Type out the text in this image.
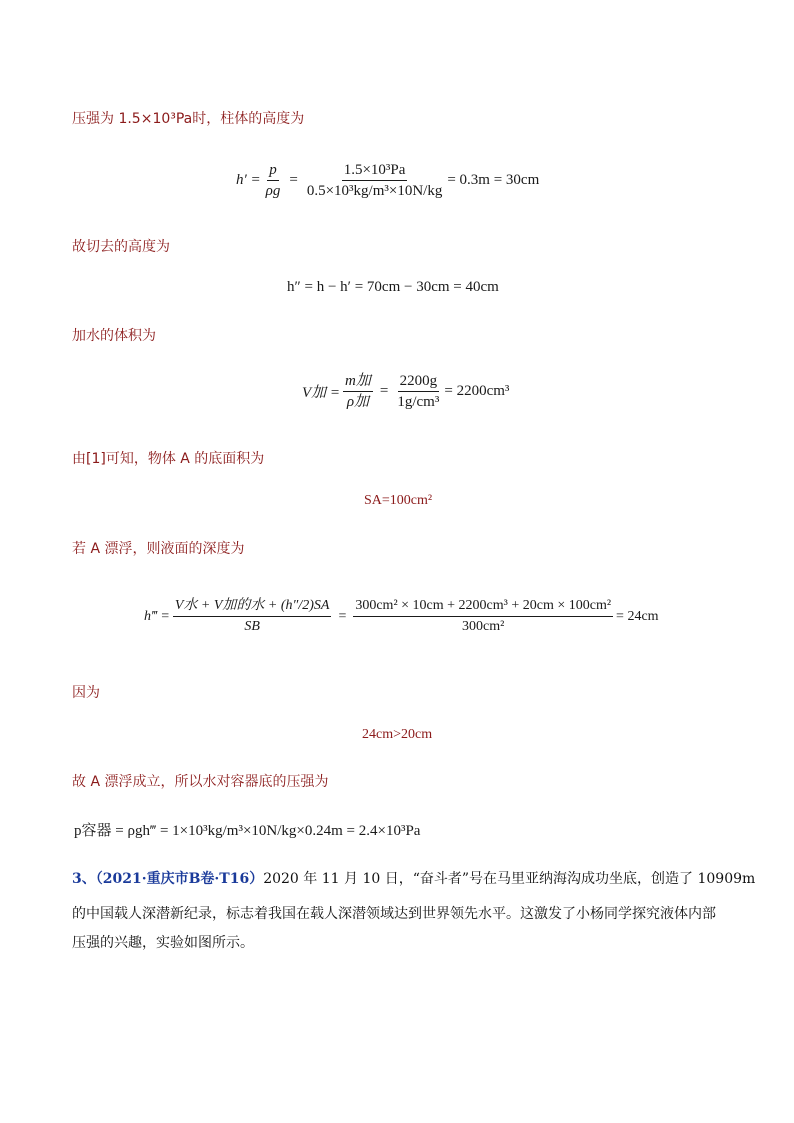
压强为 1.5×10³Pa时，柱体的高度为
$h' = \frac{p}{\rho g} = \frac{\text{1.5×10³Pa}}{\text{0.5×10³kg/m³×10N/kg}} = 0.3m = 30cm$
故切去的高度为
h″ = h − h′ = 70cm − 30cm = 40cm
加水的体积为
V加 = $\frac{\text{m加}}{\text{ρ加}} = \frac{2200g}{\text{1g/cm³}} = 2200cm^3$
由[1]可知，物体 A 的底面积为
SA=100cm²
若 A 漂浮，则液面的深度为
h‴ = $\frac{\text{V水 + V加的水 + (h″/2)SA}}{SB} = \frac{\text{300cm² × 10cm + 2200cm³ + 20cm × 100cm²}}{\text{300cm²}} = 24cm$
因为
24cm>20cm
故 A 漂浮成立，所以水对容器底的压强为
p容器 = ρgh‴ = 1×10³kg/m³×10N/kg×0.24m = 2.4×10³Pa
3、（2021·重庆市B卷·T16）2020 年 11 月 10 日，“奋斗者”号在马里亚纳海沟成功坐底，创造了 10909m
的中国载人深潜新纪录，标志着我国在载人深潜领域达到世界领先水平。这激发了小杨同学探究液体内部
压强的兴趣，实验如图所示。
